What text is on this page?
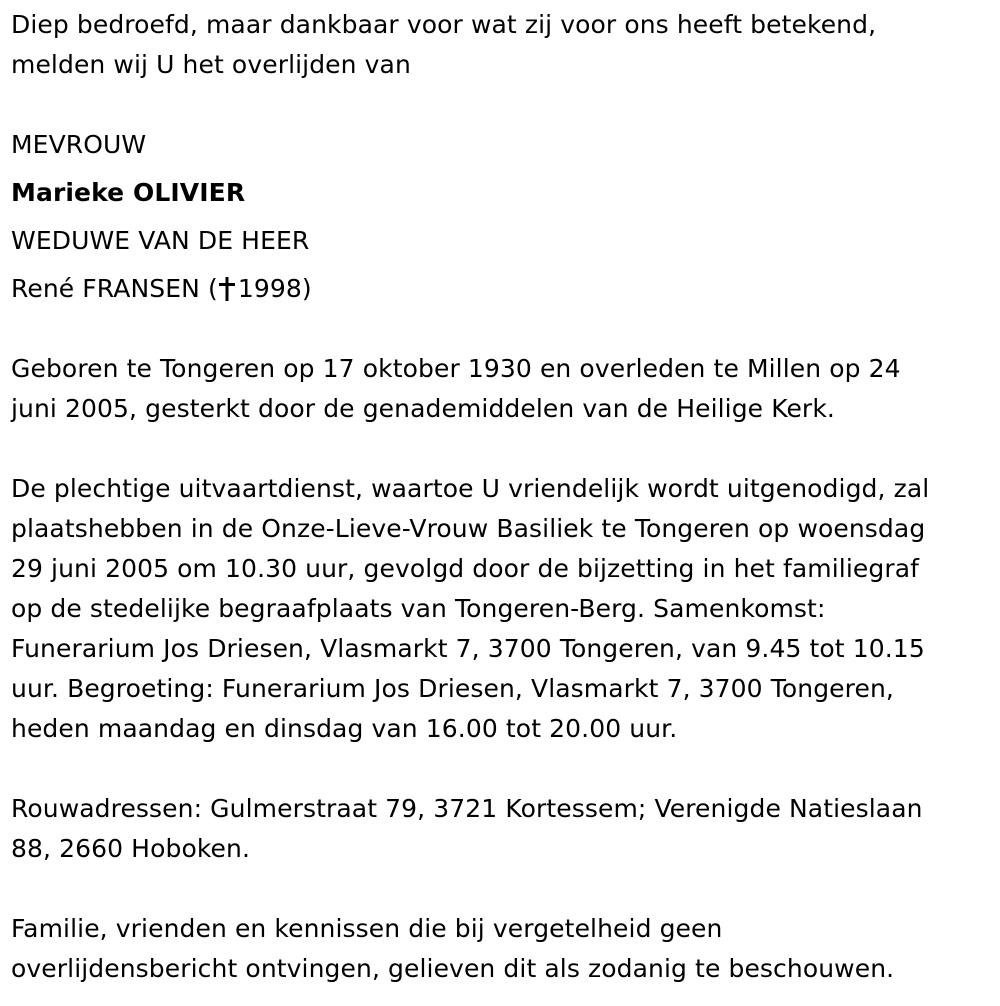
Diep bedroefd, maar dankbaar voor wat zij voor ons heeft betekend,
melden wij U het overlijden van
MEVROUW
Marieke OLIVIER
WEDUWE VAN DE HEER
René FRANSEN ( 1998)
Geboren te Tongeren op 17 oktober 1930 en overleden te Millen op 24
juni 2005, gesterkt door de genademiddelen van de Heilige Kerk.
De plechtige uitvaartdienst, waartoe U vriendelijk wordt uitgenodigd, zal
plaatshebben in de Onze-Lieve-Vrouw Basiliek te Tongeren op woensdag
29 juni 2005 om 10.30 uur, gevolgd door de bijzetting in het familiegraf
op de stedelijke begraafplaats van Tongeren-Berg. Samenkomst:
Funerarium Jos Driesen, Vlasmarkt 7, 3700 Tongeren, van 9.45 tot 10.15
uur. Begroeting: Funerarium Jos Driesen, Vlasmarkt 7, 3700 Tongeren,
heden maandag en dinsdag van 16.00 tot 20.00 uur.
Rouwadressen: Gulmerstraat 79, 3721 Kortessem; Verenigde Natieslaan
88, 2660 Hoboken.
Familie, vrienden en kennissen die bij vergetelheid geen
overlijdensbericht ontvingen, gelieven dit als zodanig te beschouwen.
